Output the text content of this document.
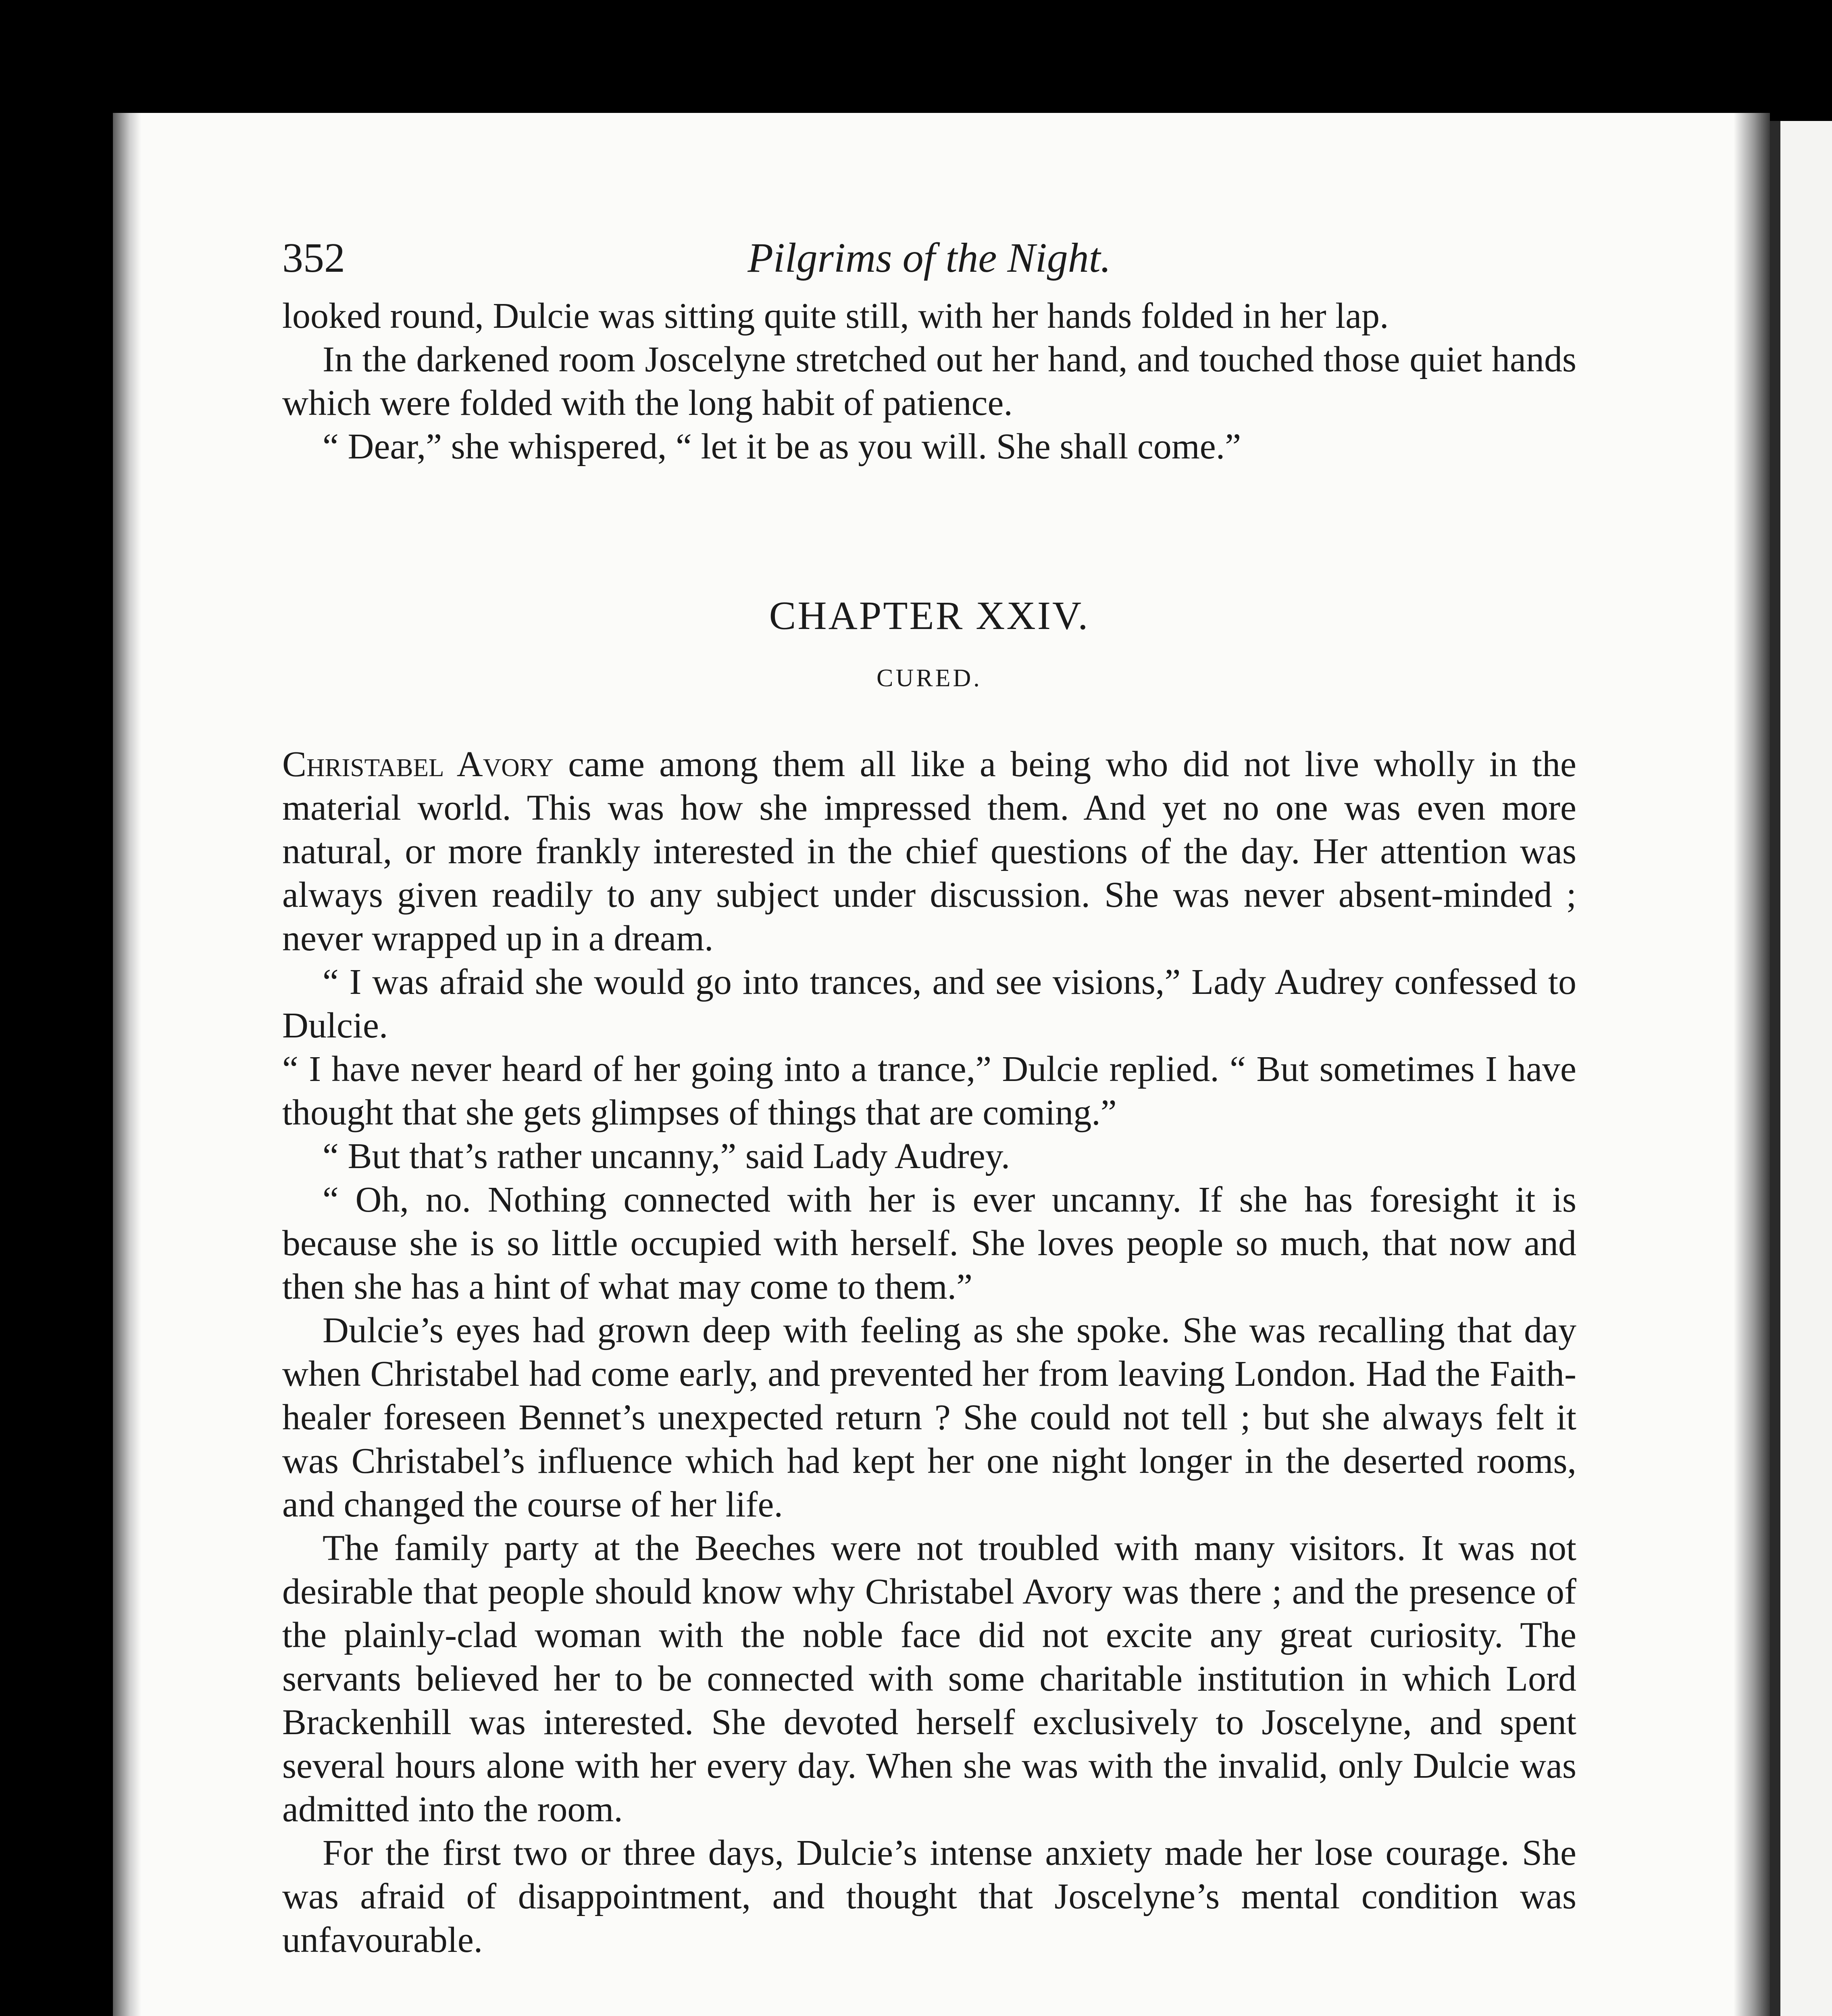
352	Pilgrims of the Night.

looked round, Dulcie was sitting quite still, with her hands folded in her lap.

In the darkened room Joscelyne stretched out her hand, and touched those quiet hands which were folded with the long habit of patience.

“ Dear,” she whispered, “ let it be as you will. She shall come.”

CHAPTER XXIV.
CURED.

Christabel Avory came among them all like a being who did not live wholly in the material world. This was how she impressed them. And yet no one was even more natural, or more frankly interested in the chief questions of the day. Her attention was always given readily to any subject under discussion. She was never absent-minded ; never wrapped up in a dream.

“ I was afraid she would go into trances, and see visions,” Lady Audrey confessed to Dulcie.

“ I have never heard of her going into a trance,” Dulcie replied. “ But sometimes I have thought that she gets glimpses of things that are coming.”

“ But that’s rather uncanny,” said Lady Audrey.

“ Oh, no. Nothing connected with her is ever uncanny. If she has foresight it is because she is so little occupied with herself. She loves people so much, that now and then she has a hint of what may come to them.”

Dulcie’s eyes had grown deep with feeling as she spoke. She was recalling that day when Christabel had come early, and prevented her from leaving London. Had the Faith-healer foreseen Bennet’s unexpected return ? She could not tell ; but she always felt it was Christabel’s influence which had kept her one night longer in the deserted rooms, and changed the course of her life.

The family party at the Beeches were not troubled with many visitors. It was not desirable that people should know why Christabel Avory was there ; and the presence of the plainly-clad woman with the noble face did not excite any great curiosity. The servants believed her to be connected with some charitable institution in which Lord Brackenhill was interested. She devoted herself exclusively to Joscelyne, and spent several hours alone with her every day. When she was with the invalid, only Dulcie was admitted into the room.

For the first two or three days, Dulcie’s intense anxiety made her lose courage. She was afraid of disappointment, and thought that Joscelyne’s mental condition was unfavourable.
